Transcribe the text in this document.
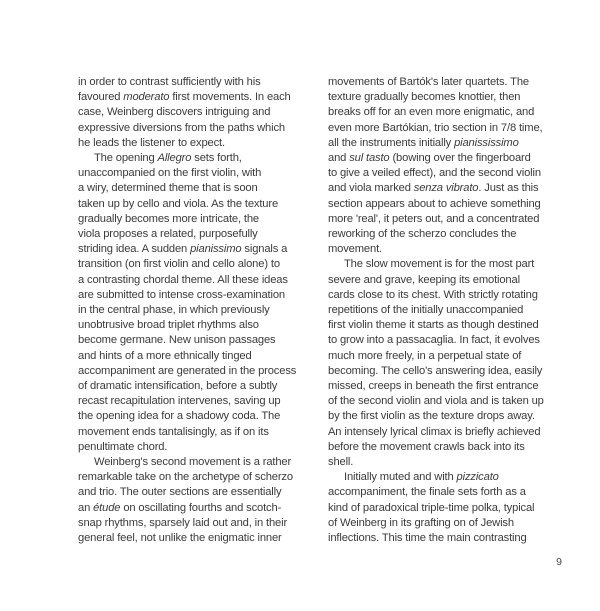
in order to contrast sufficiently with his
favoured moderato first movements. In each
case, Weinberg discovers intriguing and
expressive diversions from the paths which
he leads the listener to expect.
The opening Allegro sets forth,
unaccompanied on the first violin, with
a wiry, determined theme that is soon
taken up by cello and viola. As the texture
gradually becomes more intricate, the
viola proposes a related, purposefully
striding idea. A sudden pianissimo signals a
transition (on first violin and cello alone) to
a contrasting chordal theme. All these ideas
are submitted to intense cross-examination
in the central phase, in which previously
unobtrusive broad triplet rhythms also
become germane. New unison passages
and hints of a more ethnically tinged
accompaniment are generated in the process
of dramatic intensification, before a subtly
recast recapitulation intervenes, saving up
the opening idea for a shadowy coda. The
movement ends tantalisingly, as if on its
penultimate chord.
Weinberg's second movement is a rather
remarkable take on the archetype of scherzo
and trio. The outer sections are essentially
an étude on oscillating fourths and scotch-
snap rhythms, sparsely laid out and, in their
general feel, not unlike the enigmatic inner
movements of Bartók's later quartets. The
texture gradually becomes knottier, then
breaks off for an even more enigmatic, and
even more Bartókian, trio section in 7/8 time,
all the instruments initially pianississimo
and sul tasto (bowing over the fingerboard
to give a veiled effect), and the second violin
and viola marked senza vibrato. Just as this
section appears about to achieve something
more 'real', it peters out, and a concentrated
reworking of the scherzo concludes the
movement.
The slow movement is for the most part
severe and grave, keeping its emotional
cards close to its chest. With strictly rotating
repetitions of the initially unaccompanied
first violin theme it starts as though destined
to grow into a passacaglia. In fact, it evolves
much more freely, in a perpetual state of
becoming. The cello's answering idea, easily
missed, creeps in beneath the first entrance
of the second violin and viola and is taken up
by the first violin as the texture drops away.
An intensely lyrical climax is briefly achieved
before the movement crawls back into its
shell.
Initially muted and with pizzicato
accompaniment, the finale sets forth as a
kind of paradoxical triple-time polka, typical
of Weinberg in its grafting on of Jewish
inflections. This time the main contrasting
9
